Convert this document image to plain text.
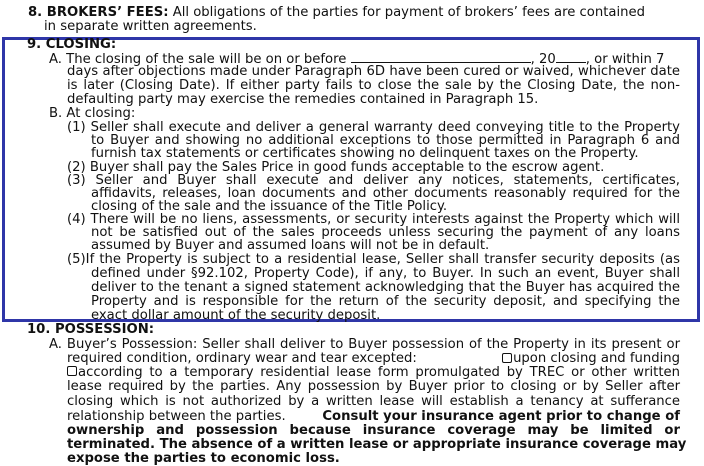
8. BROKERS’ FEES: All obligations of the parties for payment of brokers’ fees are contained
in separate written agreements.
9. CLOSING:
A. The closing of the sale will be on or before	, 20 , or within 7
days after objections made under Paragraph 6D have been cured or waived, whichever date
is later (Closing Date). If either party fails to close the sale by the Closing Date, the non-
defaulting party may exercise the remedies contained in Paragraph 15.
B. At closing:
(1) Seller shall execute and deliver a general warranty deed conveying title to the Property
to Buyer and showing no additional exceptions to those permitted in Paragraph 6 and
furnish tax statements or certificates showing no delinquent taxes on the Property.
(2) Buyer shall pay the Sales Price in good funds acceptable to the escrow agent.
(3) Seller and Buyer shall execute and deliver any notices, statements, certificates,
affidavits, releases, loan documents and other documents reasonably required for the
closing of the sale and the issuance of the Title Policy.
(4) There will be no liens, assessments, or security interests against the Property which will
not be satisfied out of the sales proceeds unless securing the payment of any loans
assumed by Buyer and assumed loans will not be in default.
(5)If the Property is subject to a residential lease, Seller shall transfer security deposits (as
defined under §92.102, Property Code), if any, to Buyer. In such an event, Buyer shall
deliver to the tenant a signed statement acknowledging that the Buyer has acquired the
Property and is responsible for the return of the security deposit, and specifying the
exact dollar amount of the security deposit.
10. POSSESSION:
A. Buyer’s Possession: Seller shall deliver to Buyer possession of the Property in its present or
required condition, ordinary wear and tear excepted:	upon closing and funding
according to a temporary residential lease form promulgated by TREC or other written
lease required by the parties. Any possession by Buyer prior to closing or by Seller after
closing which is not authorized by a written lease will establish a tenancy at sufferance
relationship between the parties.	Consult your insurance agent prior to change of
ownership and possession because insurance coverage may be limited or
terminated. The absence of a written lease or appropriate insurance coverage may
expose the parties to economic loss.
